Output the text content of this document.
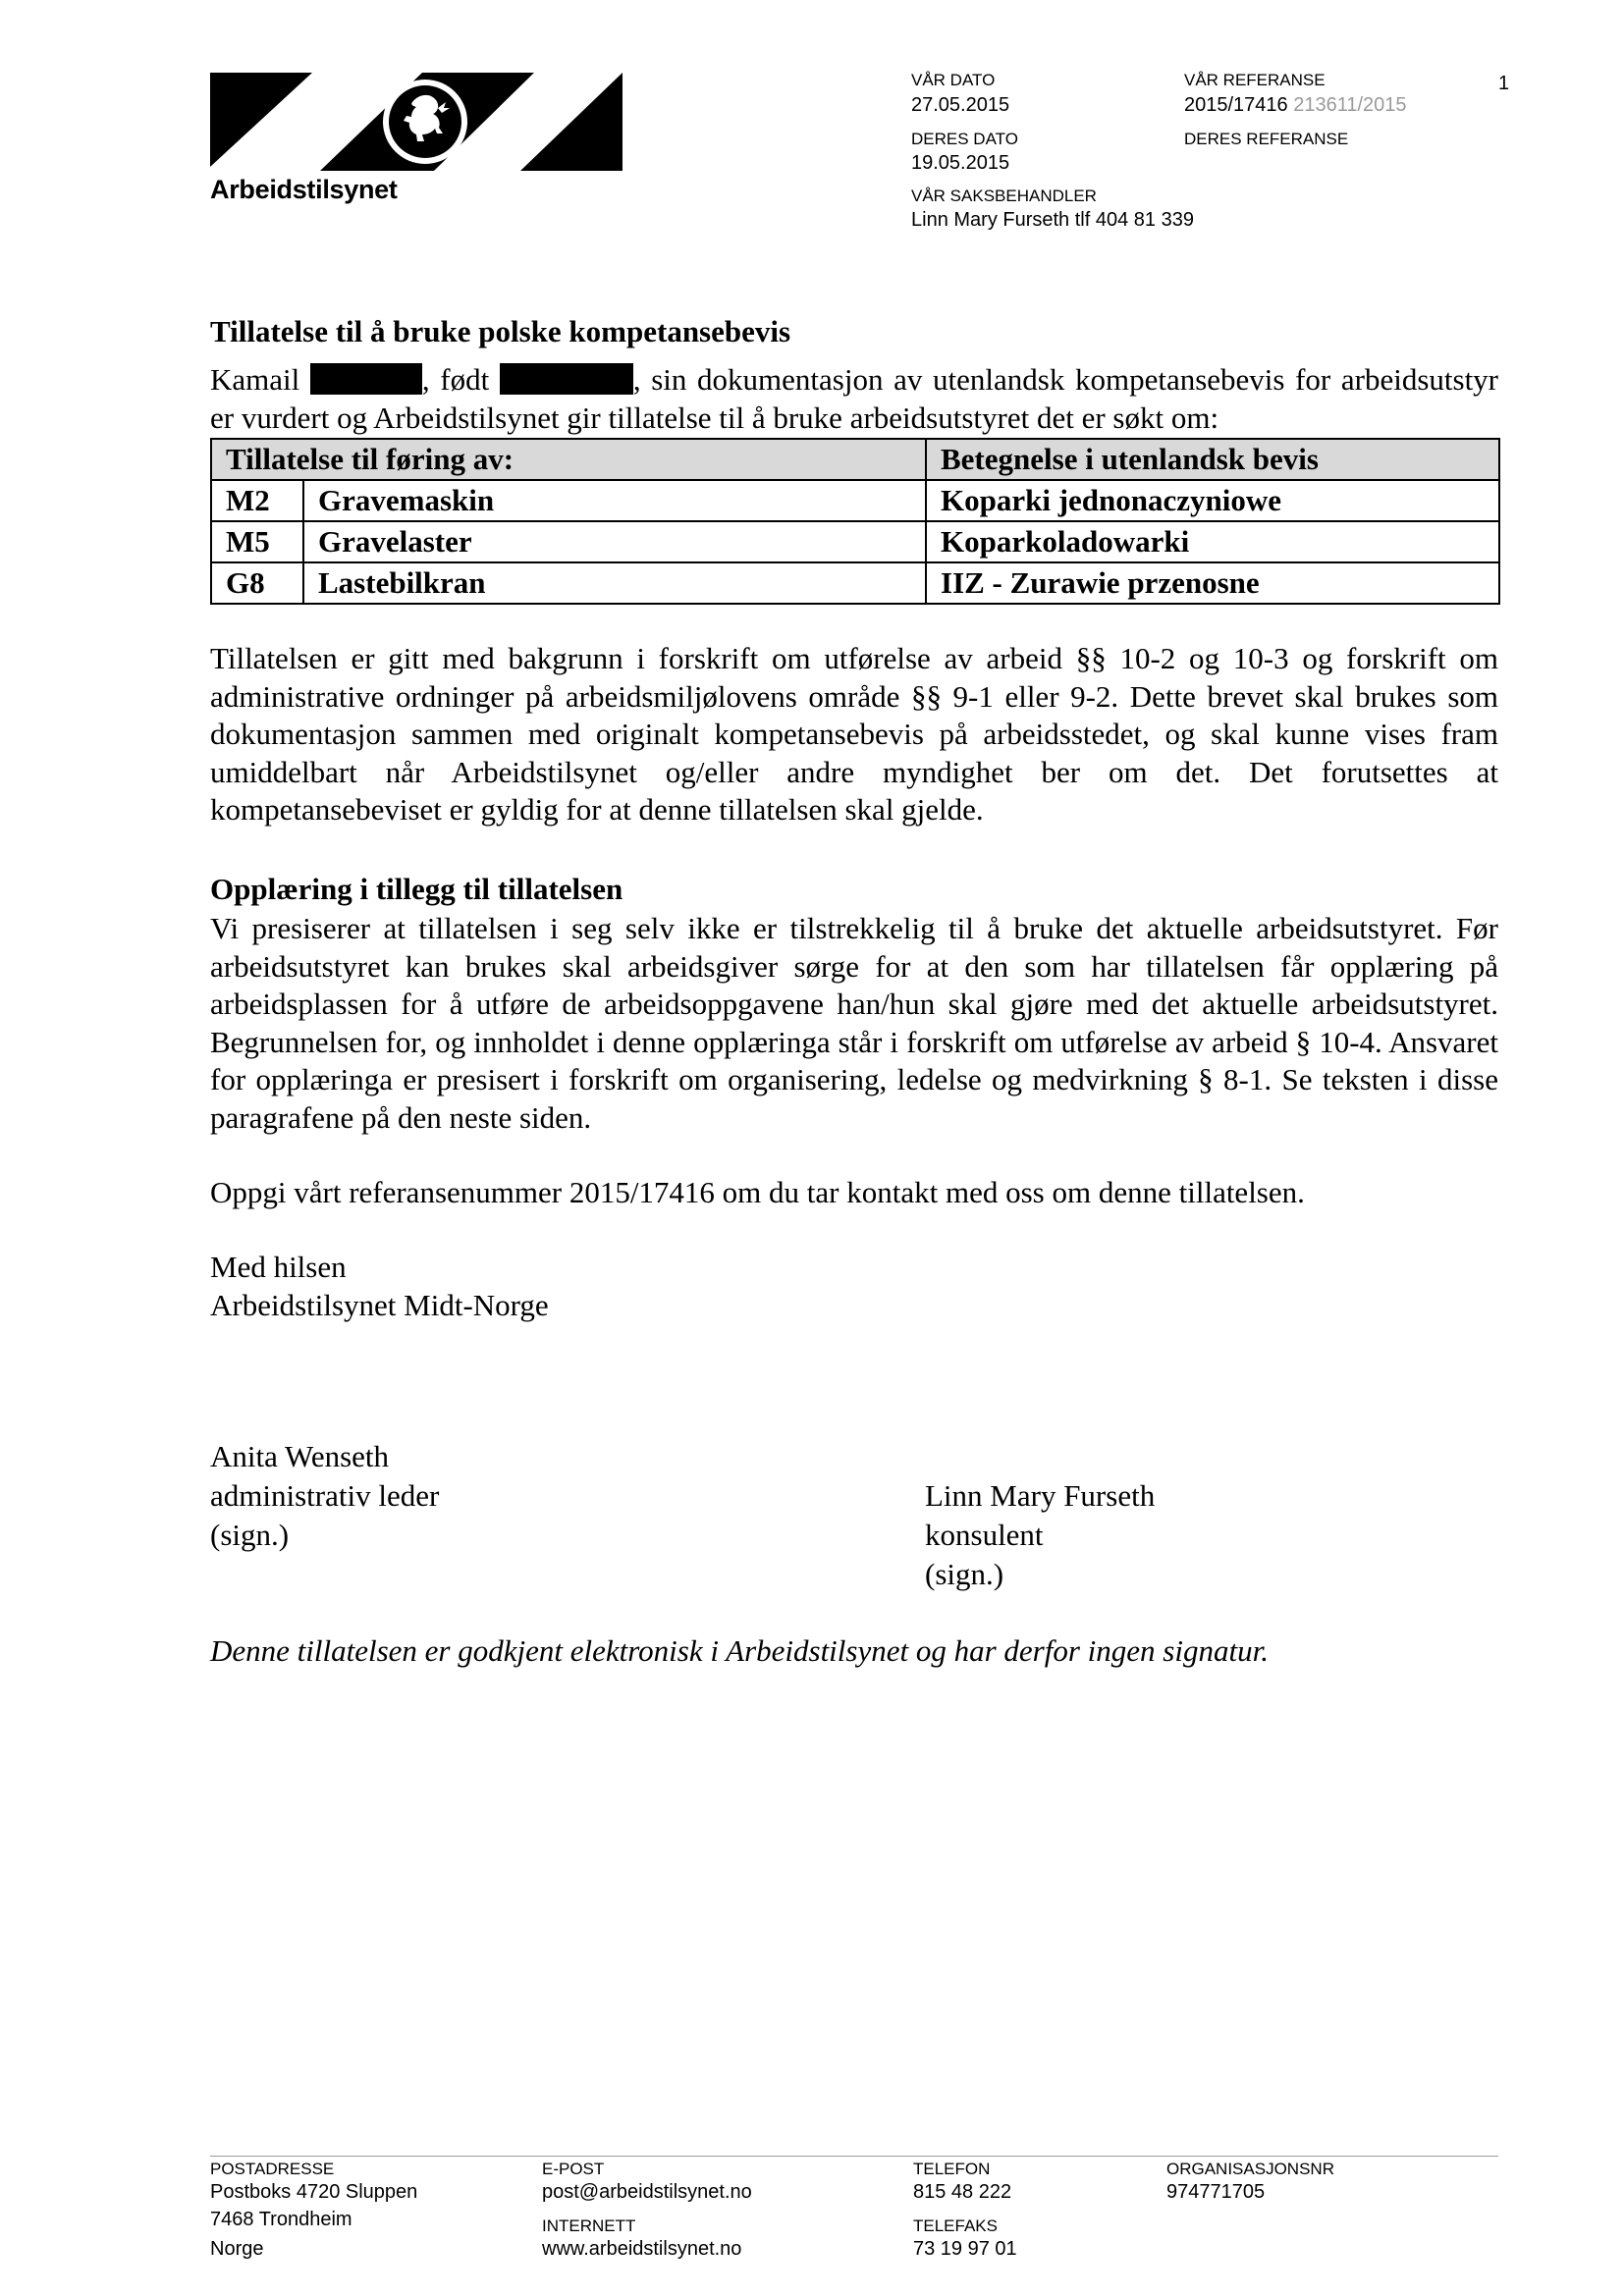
Arbeidstilsynet
VÅR DATO
27.05.2015
DERES DATO
19.05.2015
VÅR SAKSBEHANDLER
Linn Mary Furseth tlf 404 81 339
VÅR REFERANSE
2015/17416 213611/2015
DERES REFERANSE
1
Tillatelse til å bruke polske kompetansebevis
Kamail	, født	, sin dokumentasjon av utenlandsk kompetansebevis for arbeidsutstyr er vurdert og Arbeidstilsynet gir tillatelse til å bruke arbeidsutstyret det er søkt om:
Tillatelse til føring av:		Betegnelse i utenlandsk bevis
M2	Gravemaskin	Koparki jednonaczyniowe
M5	Gravelaster	Koparkoladowarki
G8	Lastebilkran	IIZ - Zurawie przenosne
Tillatelsen er gitt med bakgrunn i forskrift om utførelse av arbeid §§ 10-2 og 10-3 og forskrift om administrative ordninger på arbeidsmiljølovens område §§ 9-1 eller 9-2. Dette brevet skal brukes som dokumentasjon sammen med originalt kompetansebevis på arbeidsstedet, og skal kunne vises fram umiddelbart når Arbeidstilsynet og/eller andre myndighet ber om det. Det forutsettes at kompetansebeviset er gyldig for at denne tillatelsen skal gjelde.
Opplæring i tillegg til tillatelsen
Vi presiserer at tillatelsen i seg selv ikke er tilstrekkelig til å bruke det aktuelle arbeidsutstyret. Før arbeidsutstyret kan brukes skal arbeidsgiver sørge for at den som har tillatelsen får opplæring på arbeidsplassen for å utføre de arbeidsoppgavene han/hun skal gjøre med det aktuelle arbeidsutstyret. Begrunnelsen for, og innholdet i denne opplæringa står i forskrift om utførelse av arbeid § 10-4. Ansvaret for opplæringa er presisert i forskrift om organisering, ledelse og medvirkning § 8-1. Se teksten i disse paragrafene på den neste siden.
Oppgi vårt referansenummer 2015/17416 om du tar kontakt med oss om denne tillatelsen.
Med hilsen
Arbeidstilsynet Midt-Norge
Anita Wenseth
administrativ leder
(sign.)
Linn Mary Furseth
konsulent
(sign.)
Denne tillatelsen er godkjent elektronisk i Arbeidstilsynet og har derfor ingen signatur.
POSTADRESSE
Postboks 4720 Sluppen
7468 Trondheim
Norge
E-POST
post@arbeidstilsynet.no
INTERNETT
www.arbeidstilsynet.no
TELEFON
815 48 222
TELEFAKS
73 19 97 01
ORGANISASJONSNR
974771705
